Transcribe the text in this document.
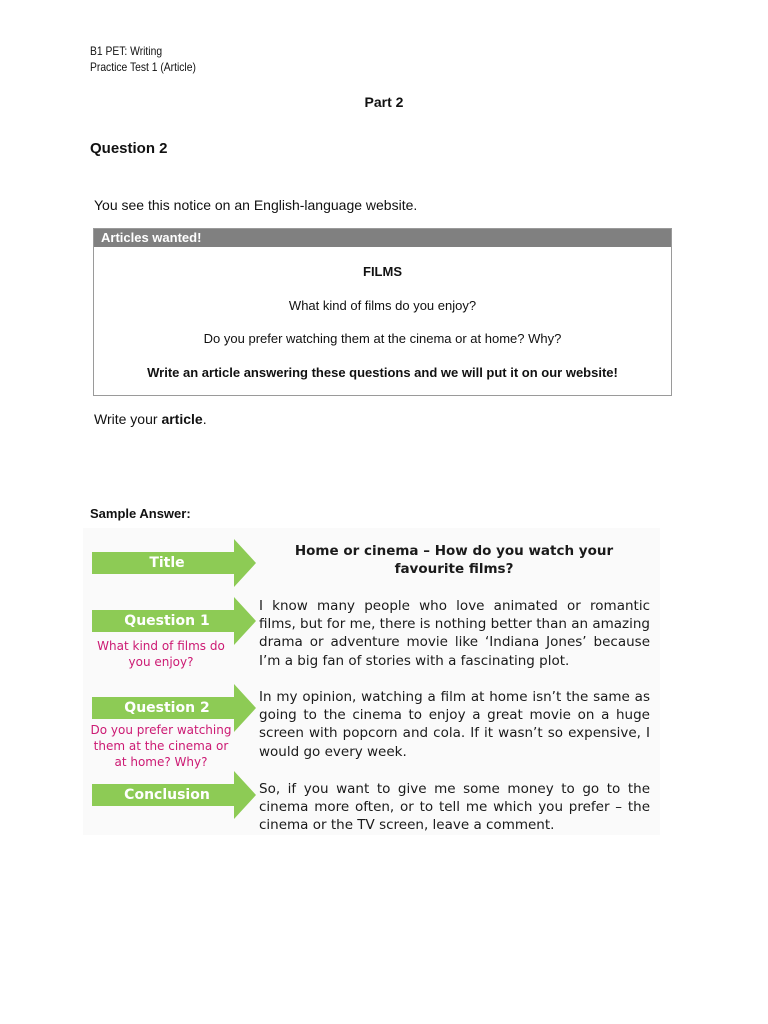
B1 PET: Writing
Practice Test 1 (Article)
Part 2
Question 2
You see this notice on an English-language website.
Articles wanted!
FILMS
What kind of films do you enjoy?
Do you prefer watching them at the cinema or at home? Why?
Write an article answering these questions and we will put it on our website!
Write your article.
Sample Answer:
Title
Question 1
Question 2
Conclusion
What kind of films do you enjoy?
Do you prefer watching them at the cinema or at home? Why?
Home or cinema – How do you watch your favourite films?
I know many people who love animated or romantic films, but for me, there is nothing better than an amazing drama or adventure movie like ‘Indiana Jones’ because I’m a big fan of stories with a fascinating plot.
In my opinion, watching a film at home isn’t the same as going to the cinema to enjoy a great movie on a huge screen with popcorn and cola. If it wasn’t so expensive, I would go every week.
So, if you want to give me some money to go to the cinema more often, or to tell me which you prefer – the cinema or the TV screen, leave a comment.
